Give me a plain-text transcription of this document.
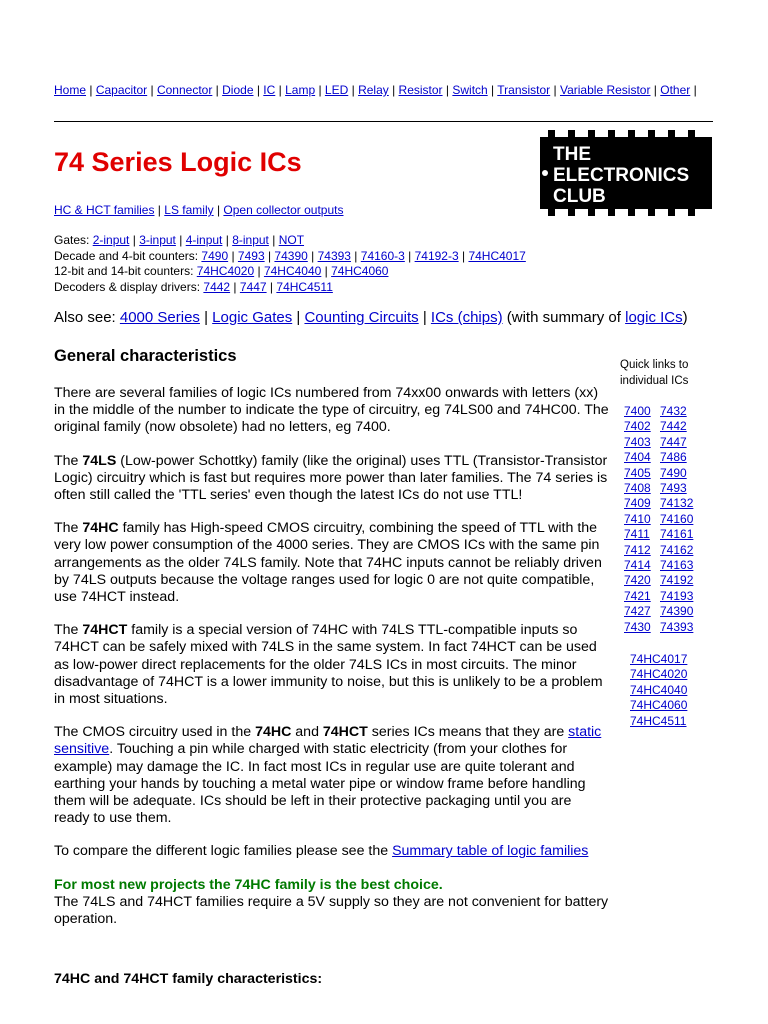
Home | Capacitor | Connector | Diode | IC | Lamp | LED | Relay | Resistor | Switch | Transistor | Variable Resistor | Other |
74 Series Logic ICs	THE
ELECTRONICS
CLUB
HC & HCT families | LS family | Open collector outputs
Gates: 2-input | 3-input | 4-input | 8-input | NOT
Decade and 4-bit counters: 7490 | 7493 | 74390 | 74393 | 74160-3 | 74192-3 | 74HC4017
12-bit and 14-bit counters: 74HC4020 | 74HC4040 | 74HC4060
Decoders & display drivers: 7442 | 7447 | 74HC4511
Also see: 4000 Series | Logic Gates | Counting Circuits | ICs (chips) (with summary of logic ICs)
General characteristics

There are several families of logic ICs numbered from 74xx00 onwards with letters (xx) in the middle of the number to indicate the type of circuitry, eg 74LS00 and 74HC00. The original family (now obsolete) had no letters, eg 7400.

The 74LS (Low-power Schottky) family (like the original) uses TTL (Transistor-Transistor Logic) circuitry which is fast but requires more power than later families. The 74 series is often still called the 'TTL series' even though the latest ICs do not use TTL!

The 74HC family has High-speed CMOS circuitry, combining the speed of TTL with the very low power consumption of the 4000 series. They are CMOS ICs with the same pin arrangements as the older 74LS family. Note that 74HC inputs cannot be reliably driven by 74LS outputs because the voltage ranges used for logic 0 are not quite compatible, use 74HCT instead.

The 74HCT family is a special version of 74HC with 74LS TTL-compatible inputs so 74HCT can be safely mixed with 74LS in the same system. In fact 74HCT can be used as low-power direct replacements for the older 74LS ICs in most circuits. The minor disadvantage of 74HCT is a lower immunity to noise, but this is unlikely to be a problem in most situations.

The CMOS circuitry used in the 74HC and 74HCT series ICs means that they are static sensitive. Touching a pin while charged with static electricity (from your clothes for example) may damage the IC. In fact most ICs in regular use are quite tolerant and earthing your hands by touching a metal water pipe or window frame before handling them will be adequate. ICs should be left in their protective packaging until you are ready to use them.

To compare the different logic families please see the Summary table of logic families

For most new projects the 74HC family is the best choice.
The 74LS and 74HCT families require a 5V supply so they are not convenient for battery operation.

74HC and 74HCT family characteristics:
Quick links to individual ICs
7400	7432
7402	7442
7403	7447
7404	7486
7405	7490
7408	7493
7409	74132
7410	74160
7411	74161
7412	74162
7414	74163
7420	74192
7421	74193
7427	74390
7430	74393
74HC4017
74HC4020
74HC4040
74HC4060
74HC4511
